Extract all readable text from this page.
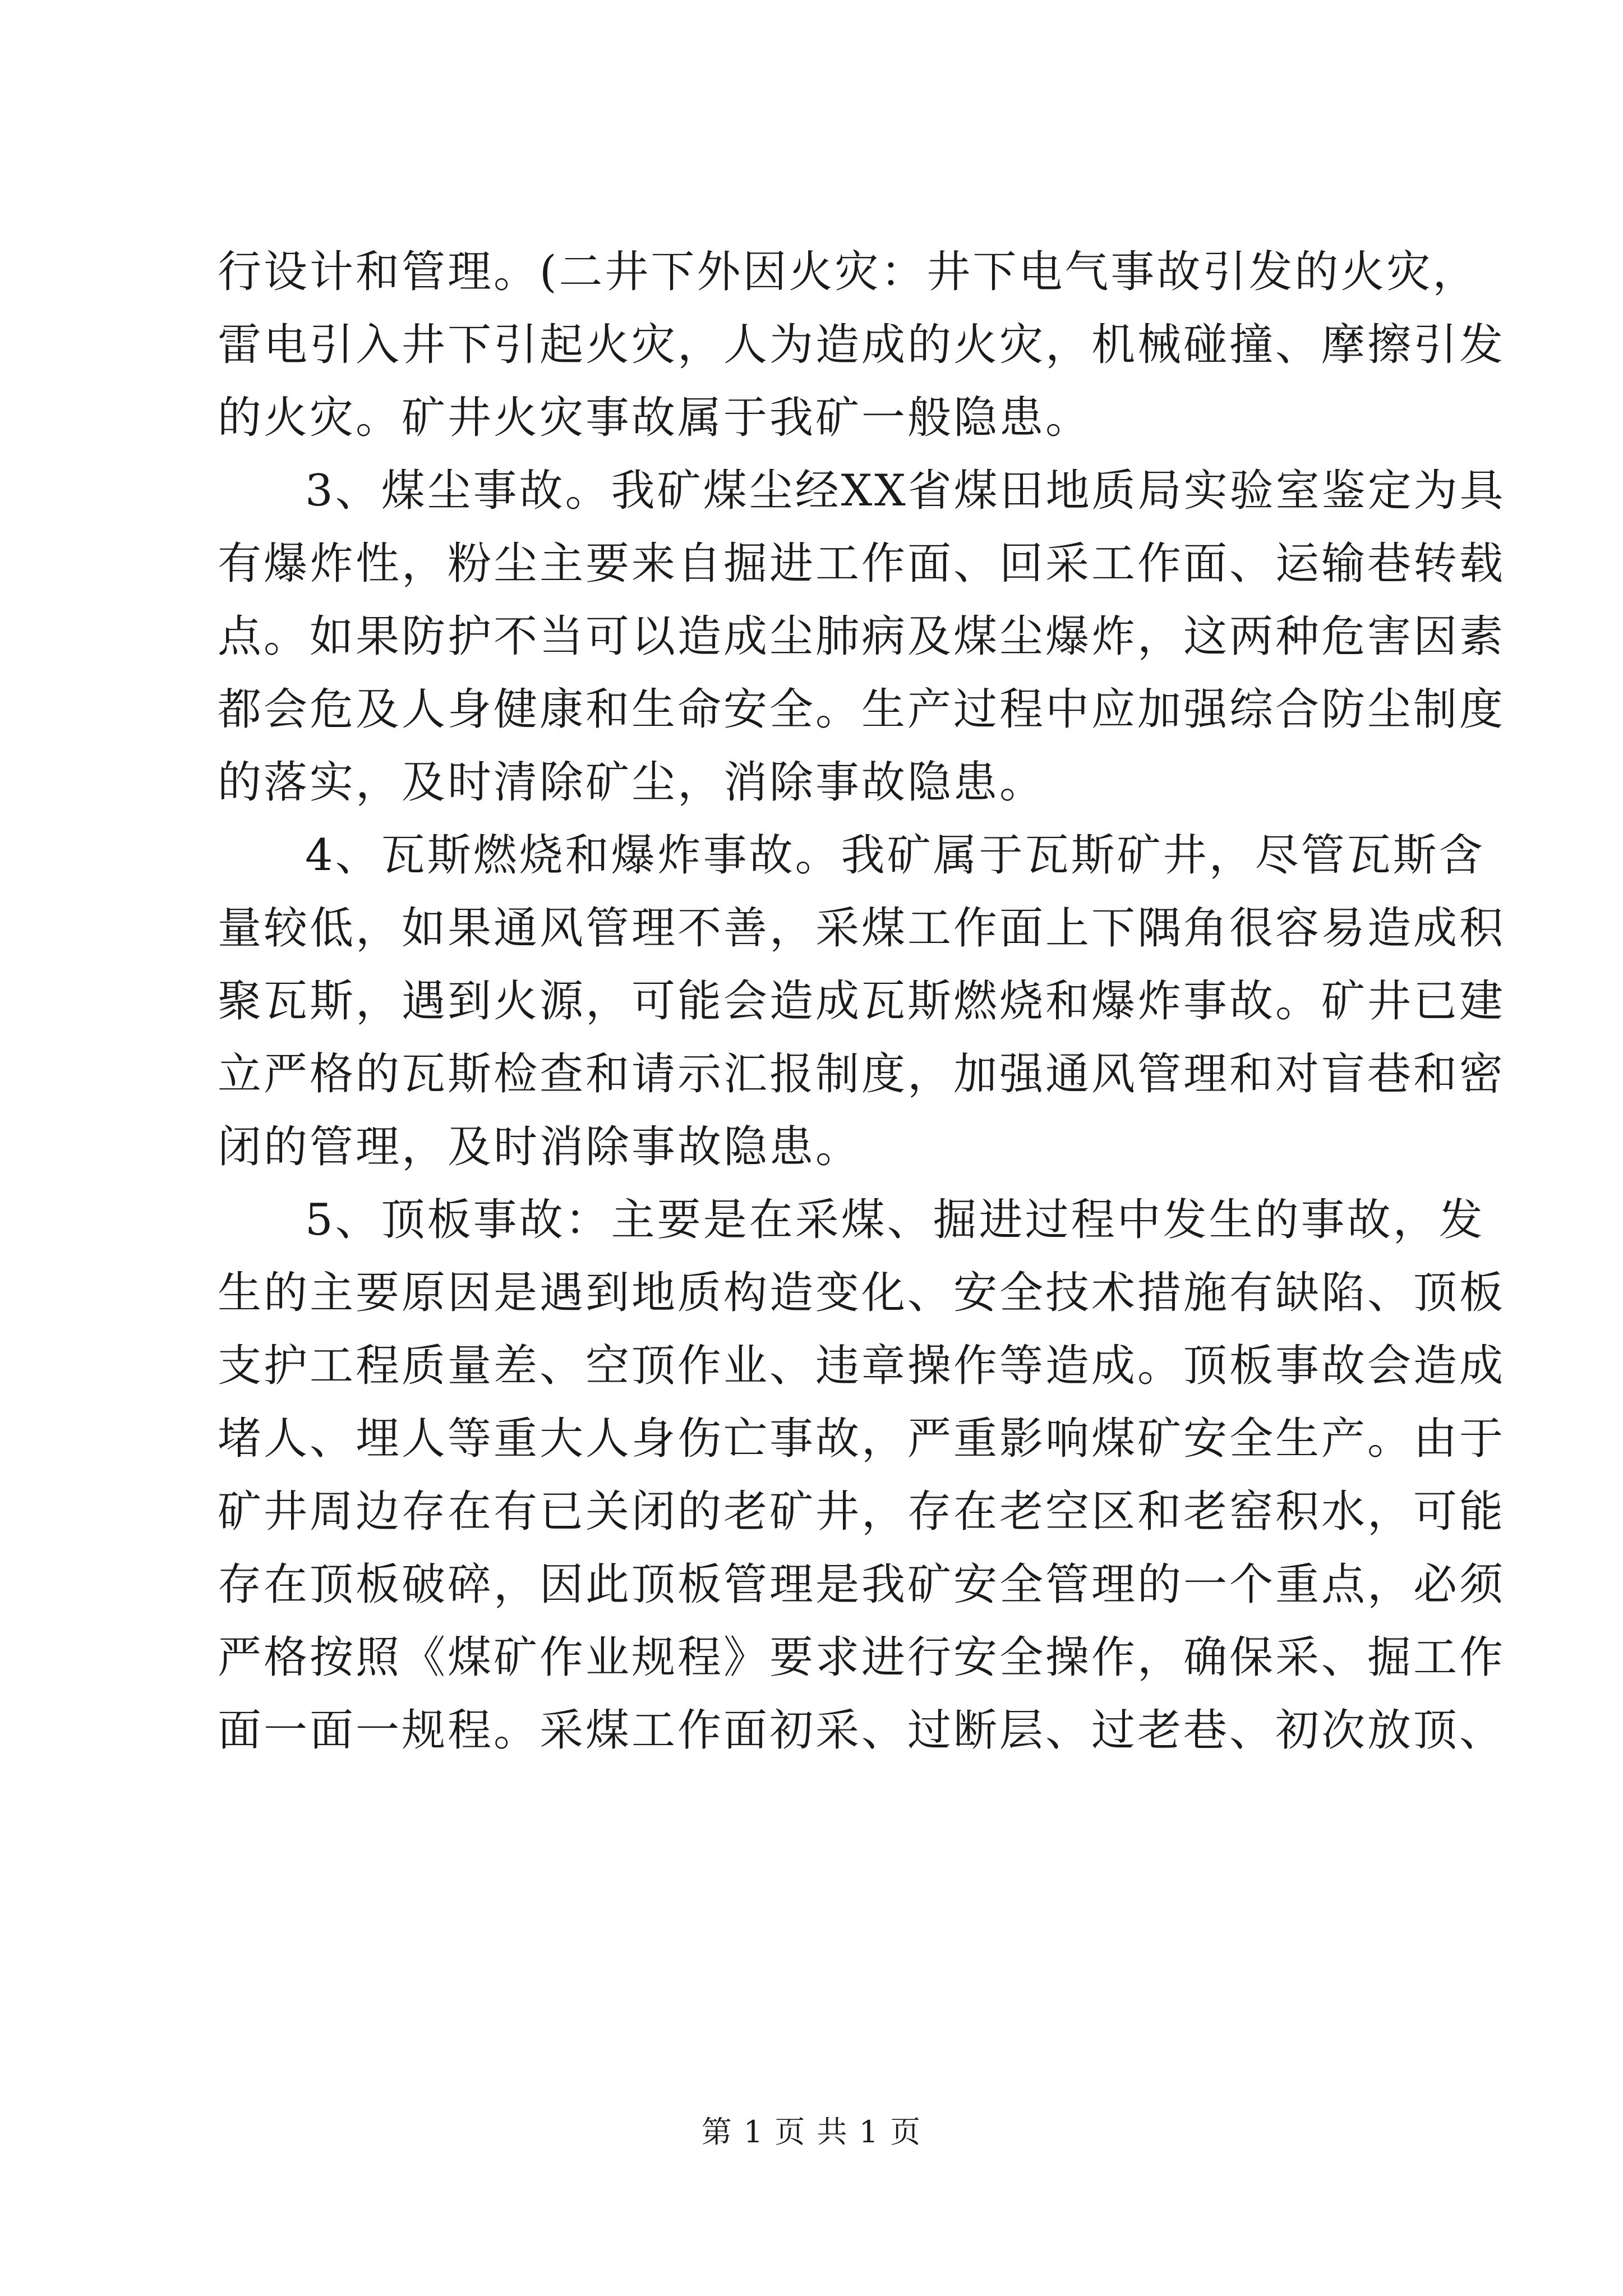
行设计和管理。(二井下外因火灾：井下电气事故引发的火灾，
雷电引入井下引起火灾，人为造成的火灾，机械碰撞、摩擦引发
的火灾。矿井火灾事故属于我矿一般隐患。
3、煤尘事故。我矿煤尘经XX省煤田地质局实验室鉴定为具
有爆炸性，粉尘主要来自掘进工作面、回采工作面、运输巷转载
点。如果防护不当可以造成尘肺病及煤尘爆炸，这两种危害因素
都会危及人身健康和生命安全。生产过程中应加强综合防尘制度
的落实，及时清除矿尘，消除事故隐患。
4、瓦斯燃烧和爆炸事故。我矿属于瓦斯矿井，尽管瓦斯含
量较低，如果通风管理不善，采煤工作面上下隅角很容易造成积
聚瓦斯，遇到火源，可能会造成瓦斯燃烧和爆炸事故。矿井已建
立严格的瓦斯检查和请示汇报制度，加强通风管理和对盲巷和密
闭的管理，及时消除事故隐患。
5、顶板事故：主要是在采煤、掘进过程中发生的事故，发
生的主要原因是遇到地质构造变化、安全技术措施有缺陷、顶板
支护工程质量差、空顶作业、违章操作等造成。顶板事故会造成
堵人、埋人等重大人身伤亡事故，严重影响煤矿安全生产。由于
矿井周边存在有已关闭的老矿井，存在老空区和老窑积水，可能
存在顶板破碎，因此顶板管理是我矿安全管理的一个重点，必须
严格按照《煤矿作业规程》要求进行安全操作，确保采、掘工作
面一面一规程。采煤工作面初采、过断层、过老巷、初次放顶、
第 1 页 共 1 页
